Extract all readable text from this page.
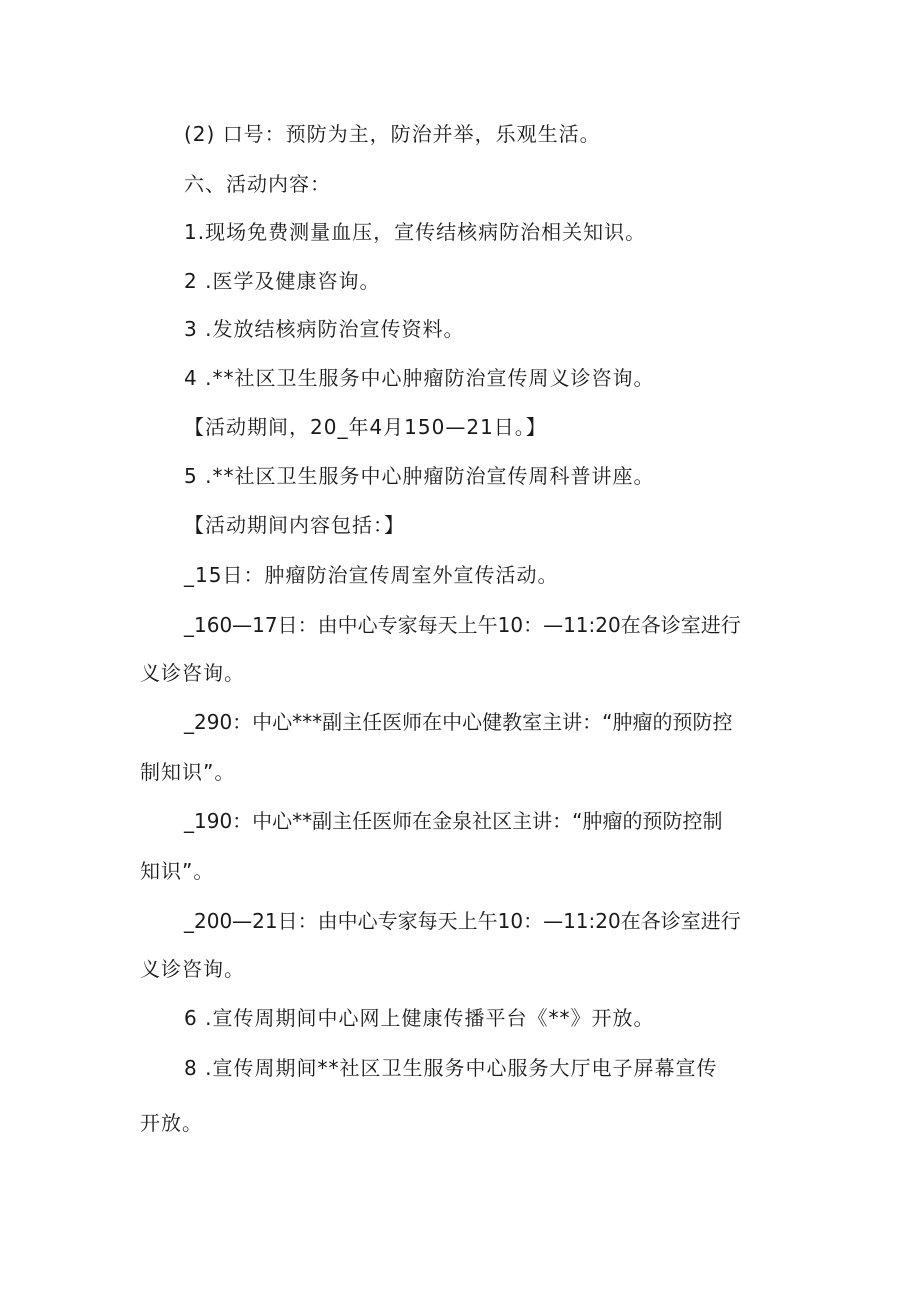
(2) 口号：预防为主，防治并举，乐观生活。
六、活动内容：
1.现场免费测量血压，宣传结核病防治相关知识。
2 .医学及健康咨询。
3 .发放结核病防治宣传资料。
4 .**社区卫生服务中心肿瘤防治宣传周义诊咨询。
【活动期间，20_年4月150—21日。】
5 .**社区卫生服务中心肿瘤防治宣传周科普讲座。
【活动期间内容包括：】
_15日：肿瘤防治宣传周室外宣传活动。
_160—17日：由中心专家每天上午10：—11:20在各诊室进行
义诊咨询。
_290：中心***副主任医师在中心健教室主讲：“肿瘤的预防控
制知识”。
_190：中心**副主任医师在金泉社区主讲：“肿瘤的预防控制
知识”。
_200—21日：由中心专家每天上午10：—11:20在各诊室进行
义诊咨询。
6 .宣传周期间中心网上健康传播平台《**》开放。
8 .宣传周期间**社区卫生服务中心服务大厅电子屏幕宣传
开放。
